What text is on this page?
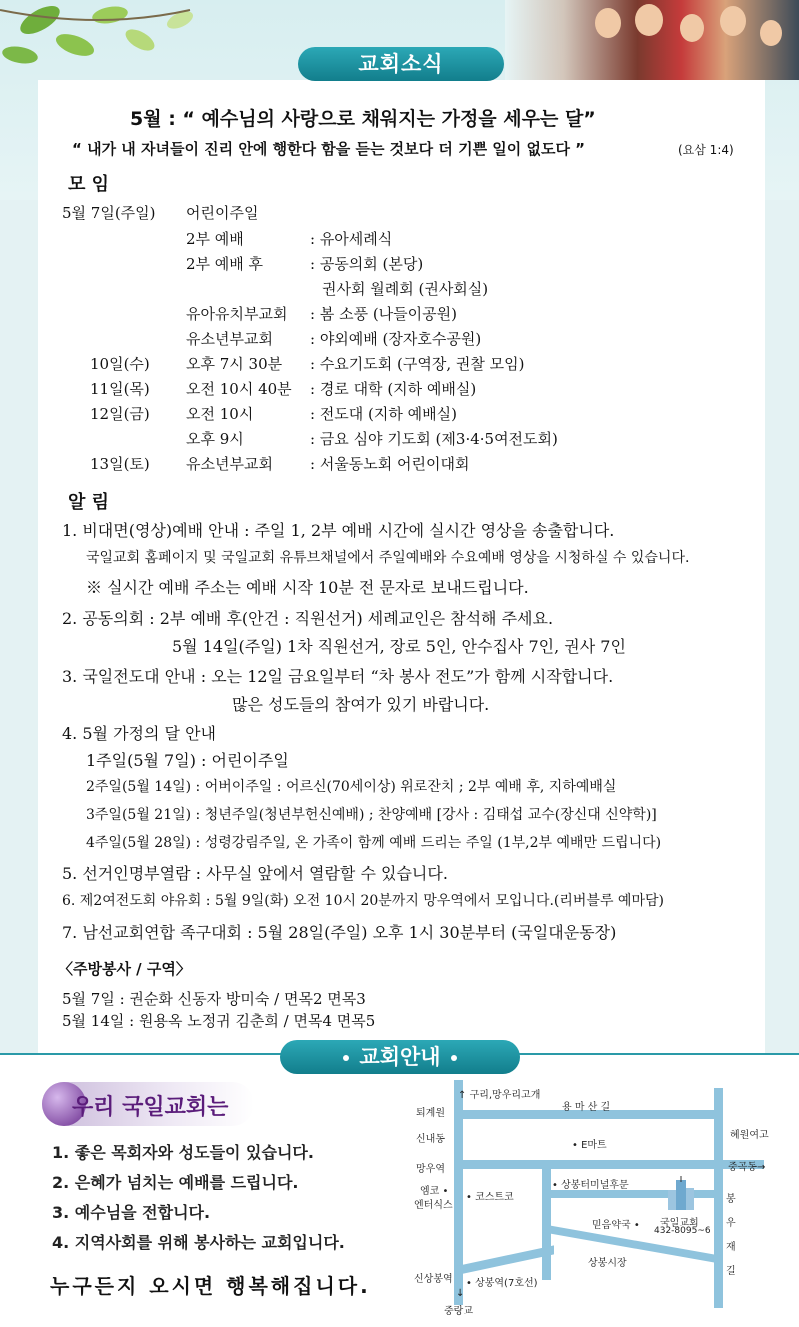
교회소식
5월 : “ 예수님의 사랑으로 채워지는 가정을 세우는 달”
“ 내가 내 자녀들이 진리 안에 행한다 함을 듣는 것보다 더 기쁜 일이 없도다 ”	(요삼 1:4)
모 임
5월 7일(주일) 어린이주일
2부 예배	: 유아세례식
2부 예배 후	: 공동의회 (본당)
권사회 월례회 (권사회실)
유아유치부교회 : 봄 소풍 (나들이공원)
유소년부교회 : 야외예배 (장자호수공원)
10일(수) 오후 7시 30분 : 수요기도회 (구역장, 권찰 모임)
11일(목) 오전 10시 40분 : 경로 대학 (지하 예배실)
12일(금) 오전 10시	: 전도대 (지하 예배실)
오후 9시	: 금요 심야 기도회 (제3·4·5여전도회)
13일(토) 유소년부교회 : 서울동노회 어린이대회
알 림
1. 비대면(영상)예배 안내 : 주일 1, 2부 예배 시간에 실시간 영상을 송출합니다.
국일교회 홈페이지 및 국일교회 유튜브채널에서 주일예배와 수요예배 영상을 시청하실 수 있습니다.
※ 실시간 예배 주소는 예배 시작 10분 전 문자로 보내드립니다.
2. 공동의회 : 2부 예배 후(안건 : 직원선거) 세례교인은 참석해 주세요.
5월 14일(주일) 1차 직원선거, 장로 5인, 안수집사 7인, 권사 7인
3. 국일전도대 안내 : 오는 12일 금요일부터 “차 봉사 전도”가 함께 시작합니다.
많은 성도들의 참여가 있기 바랍니다.
4. 5월 가정의 달 안내
1주일(5월 7일) : 어린이주일
2주일(5월 14일) : 어버이주일 : 어르신(70세이상) 위로잔치 ; 2부 예배 후, 지하예배실
3주일(5월 21일) : 청년주일(청년부헌신예배) ; 찬양예배 [강사 : 김태섭 교수(장신대 신약학)]
4주일(5월 28일) : 성령강림주일, 온 가족이 함께 예배 드리는 주일 (1부,2부 예배만 드립니다)
5. 선거인명부열람 : 사무실 앞에서 열람할 수 있습니다.
6. 제2여전도회 야유회 : 5월 9일(화) 오전 10시 20분까지 망우역에서 모입니다.(리버블루 예마담)
7. 남선교회연합 족구대회 : 5월 28일(주일) 오후 1시 30분부터 (국일대운동장)
〈주방봉사 / 구역〉
5월 7일 : 권순화 신동자 방미숙 / 면목2 면목3
5월 14일 : 원용옥 노정귀 김춘희 / 면목4 면목5
교회안내
우리 국일교회는
1. 좋은 목회자와 성도들이 있습니다.
2. 은혜가 넘치는 예배를 드립니다.
3. 예수님을 전합니다.
4. 지역사회를 위해 봉사하는 교회입니다.
누구든지 오시면 행복해집니다.
↑ 구리,망우리고개
퇴계원
용 마 산 길
신내동
• E마트
혜원여고
망우역	중곡동→
엠코 •
엔터식스
• 코스트코
• 상봉터미널후문
봉
우
재
길
국일교회
432-8095~6
믿음약국 •
상봉시장
신상봉역 • 상봉역(7호선)
↓
중랑교
